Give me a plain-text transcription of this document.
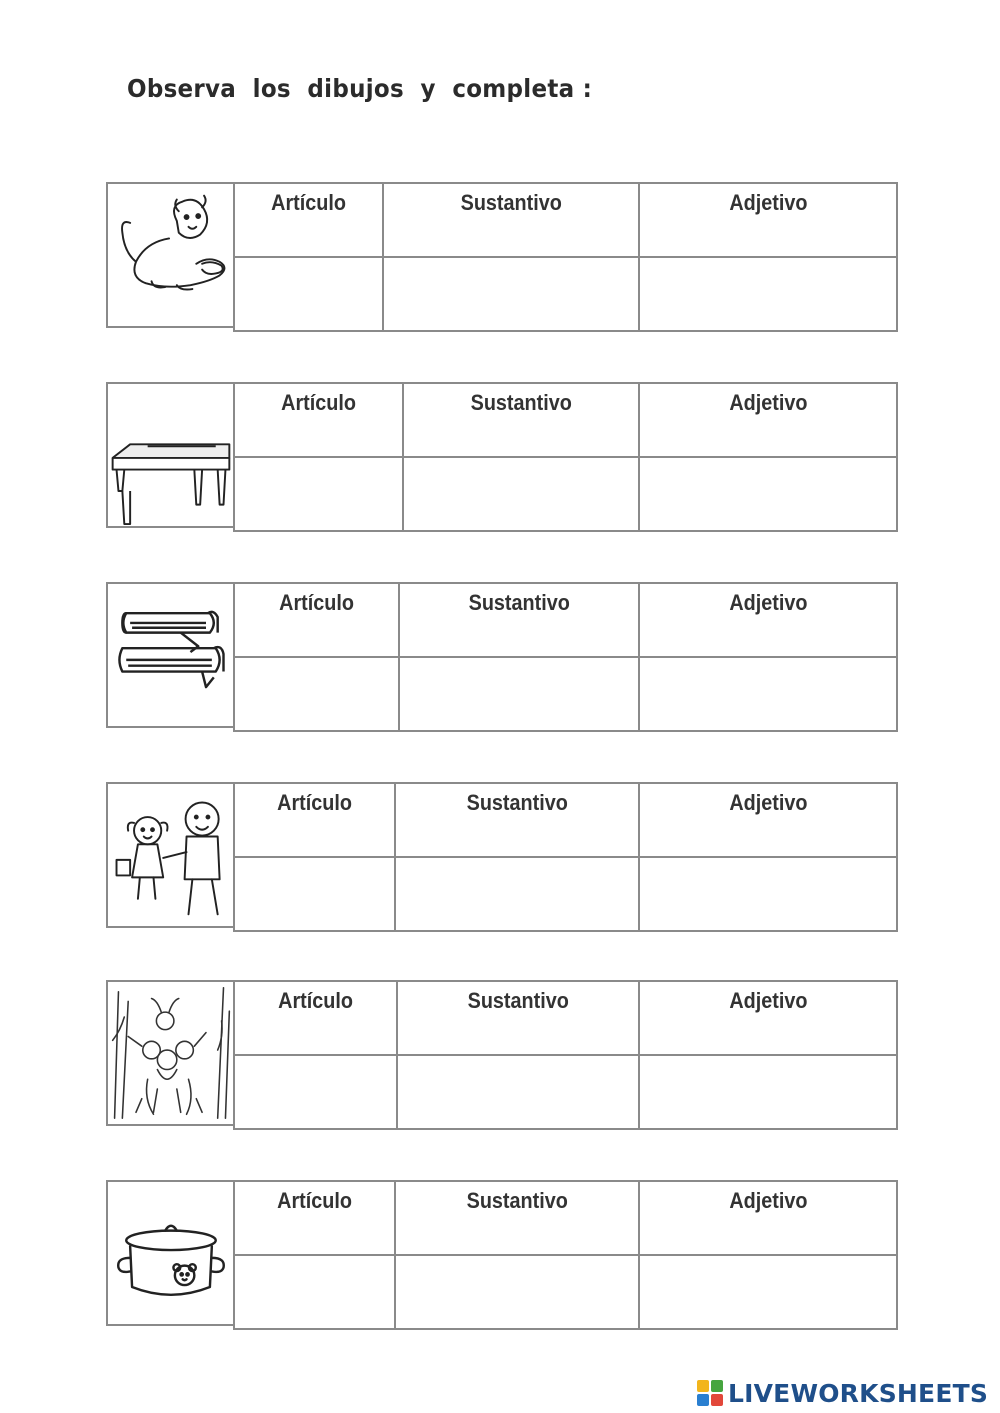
Observa  los  dibujos  y  completa :
Artículo	Sustantivo	Adjetivo

Artículo	Sustantivo	Adjetivo

Artículo	Sustantivo	Adjetivo

Artículo	Sustantivo	Adjetivo

Artículo	Sustantivo	Adjetivo

Artículo	Sustantivo	Adjetivo

LIVEWORKSHEETS
